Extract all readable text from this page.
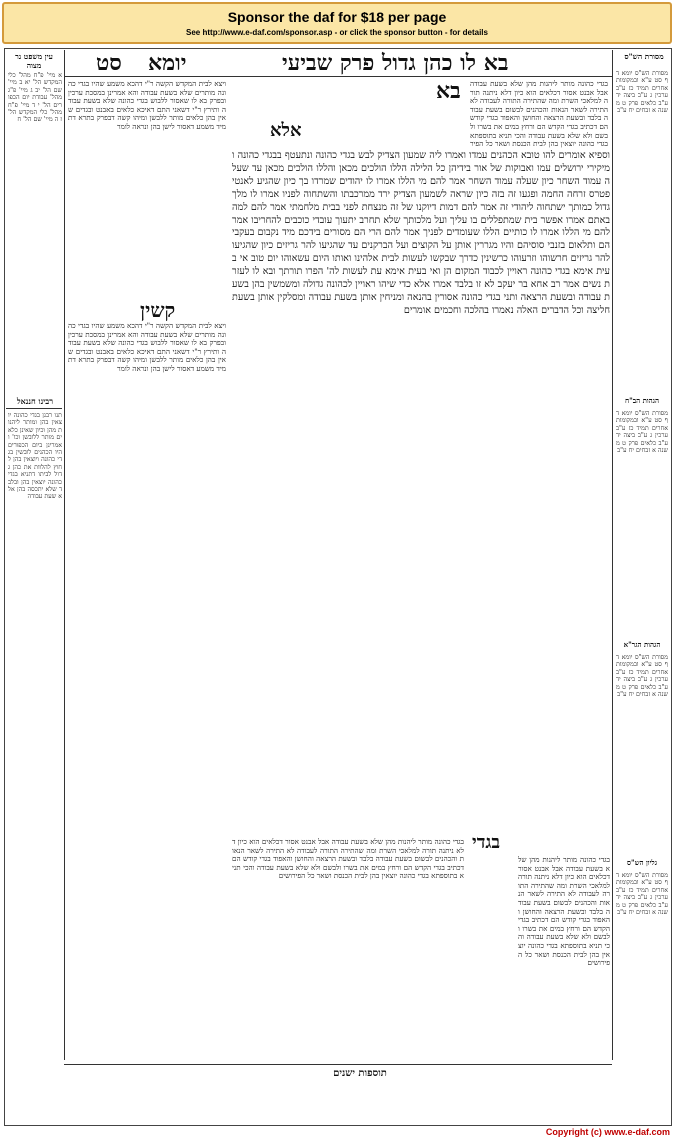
Sponsor the daf for $18 per page
See http://www.e-daf.com/sponsor.asp - or click the sponsor button - for details
סט יומא	בא לו כהן גדול פרק שביעי
עין משפט נר מצוה
מסורת הש"ס
א מיי' פ"ח מהל' כלי המקדש הל' יא ב מיי' שם הל' יב ג מיי' פ"ג מהל' עבודת יום הכפורים הל' י ד מיי' פ"ח מהל' כלי המקדש הל' ז ה מיי' שם הל' ח
רבינו חננאל
תנו רבנן בגדי כהונה יוצאין בהן ומותר ליהנות מהן וכיון שאינן כלאים מותר ללובשן וכו' ואמרינן ביום הכפורים היו הכהנים לובשין בגדי כהונה ויוצאין בהן לחוץ להלוות את כהן גדול לביתו דתניא בגדי כהונה יוצאין בהן ובלבד שלא יתכסה בהן אלא שעת עבודה
קשין
ויצא לבית המקדש הקשה ר"י דהכא משמע שהיו בגדי כהונה מותרים שלא בשעת עבודה והא אמרינן במסכת ערכין ובפרק בא לו שאסור ללבוש בגדי כהונה שלא בשעת עבודה ותירץ ר"י דשאני התם דאיכא כלאים באבנט ובגדים שאין בהן כלאים מותר ללבשן ומיהו קשה דבפרק בתרא דתמיד משמע דאסור לישן בהן ונראה לומר
ויצא לבית המקדש הקשה ר"י דהכא משמע שהיו בגדי כהונה מותרים שלא בשעת עבודה והא אמרינן במסכת ערכין ובפרק בא לו שאסור ללבוש בגדי כהונה שלא בשעת עבודה ותירץ ר"י דשאני התם דאיכא כלאים באבנט ובגדים שאין בהן כלאים מותר ללבשן ומיהו קשה דבפרק בתרא דתמיד משמע דאסור לישן בהן ונראה לומר
בא
אלא
וספיא אומרים להו טובא הכהנים עמדו ואמרו ליה שמעון הצדיק לבש בגדי כהונה ונתעטף בבגדי כהונה ומיקירי ירושלים עמו ואבוקות של אור בידיהן כל הלילה הללו הולכים מכאן והללו הולכים מכאן עד שעלה עמוד השחר כיון שעלה עמוד השחר אמר להם מי הללו אמרו לו יהודים שמרדו בך כיון שהגיע לאנטיפטרס זרחה החמה ופגעו זה בזה כיון שראה לשמעון הצדיק ירד ממרכבתו והשתחוה לפניו אמרו לו מלך גדול כמותך ישתחוה ליהודי זה אמר להם דמות דיוקנו של זה מנצחת לפני בבית מלחמתי אמר להם למה באתם אמרו אפשר בית שמתפללים בו עליך ועל מלכותך שלא תחרב יתעוך עובדי כוכבים להחריבו אמר להם מי הללו אמרו לו כותיים הללו שעומדים לפניך אמר להם הרי הם מסורים בידכם מיד נקבום בעקביהם ותלאום בזנבי סוסיהם והיו מגררין אותן על הקוצים ועל הברקנים עד שהגיעו להר גריזים כיון שהגיעו להר גריזים חרשוהו וזרעוהו כרשינין כדרך שבקשו לעשות לבית אלהינו ואותו היום עשאוהו יום טוב אי בעית אימא בגדי כהונה ראויין לכבוד המקום הן ואי בעית אימא עת לעשות לה' הפרו תורתך ובא לו לעזרת נשים אמר רב אחא בר יעקב לא זו בלבד אמרו אלא כדי שיהו ראויין לכהונה גדולה ומשמשין בהן בשעת עבודה ובשעת הרצאה ותני בגדי כהונה אסורין בהנאה ומניחין אותן בשעת עבודה ומסלקין אותן בשעת חליצה וכל הדברים האלה נאמרו בהלכה וחכמים אומרים
בגדי כהונה מותר ליהנות מהן שלא בשעת עבודה אבל אבנט אסור דכלאים הוא כיון דלא ניתנה תורה למלאכי השרת ומה שהתירה התורה לעבודה לא התירה לשאר הנאות והכהנים לבשום בשעת עבודה בלבד ובשעת הרצאה והחושן והאפוד בגדי קודש הם דכתיב בגדי הקדש הם ורחץ במים את בשרו ולבשם ולא שלא בשעת עבודה והכי תניא בתוספתא בגדי כהונה יוצאין בהן לבית הכנסת ושאר כל הפיר
בגדי
בגדי כהונה מותר ליהנות מהן שלא בשעת עבודה אבל אבנט אסור דכלאים הוא כיון דלא ניתנה תורה למלאכי השרת ומה שהתירה התורה לעבודה לא התירה לשאר הנאות והכהנים לבשום בשעת עבודה בלבד ובשעת הרצאה והחושן והאפוד בגדי קודש הם דכתיב בגדי הקדש הם ורחץ במים את בשרו ולבשם ולא שלא בשעת עבודה והכי תניא בתוספתא בגדי כהונה יוצאין בהן לבית הכנסת ושאר כל הפירושים
בגדי כהונה מותר ליהנות מהן שלא בשעת עבודה אבל אבנט אסור דכלאים הוא כיון דלא ניתנה תורה למלאכי השרת ומה שהתירה התורה לעבודה לא התירה לשאר הנאות והכהנים לבשום בשעת עבודה בלבד ובשעת הרצאה והחושן והאפוד בגדי קודש הם דכתיב בגדי הקדש הם ורחץ במים את בשרו ולבשם ולא שלא בשעת עבודה והכי תניא בתוספתא בגדי כהונה יוצאין בהן לבית הכנסת ושאר כל הפירושים
מסורת הש"ס יומא דף סט ע"א ובמקומות אחרים תמיד כז ע"ב ערכין ג ע"ב ביצה יד ע"ב כלאים פרק ט משנה א זבחים יח ע"ב
הגהות הב"ח
מסורת הש"ס יומא דף סט ע"א ובמקומות אחרים תמיד כז ע"ב ערכין ג ע"ב ביצה יד ע"ב כלאים פרק ט משנה א זבחים יח ע"ב
הגהות הגר"א
מסורת הש"ס יומא דף סט ע"א ובמקומות אחרים תמיד כז ע"ב ערכין ג ע"ב ביצה יד ע"ב כלאים פרק ט משנה א זבחים יח ע"ב
גליון הש"ס
מסורת הש"ס יומא דף סט ע"א ובמקומות אחרים תמיד כז ע"ב ערכין ג ע"ב ביצה יד ע"ב כלאים פרק ט משנה א זבחים יח ע"ב
תוספות ישנים
Copyright (c) www.e-daf.com
